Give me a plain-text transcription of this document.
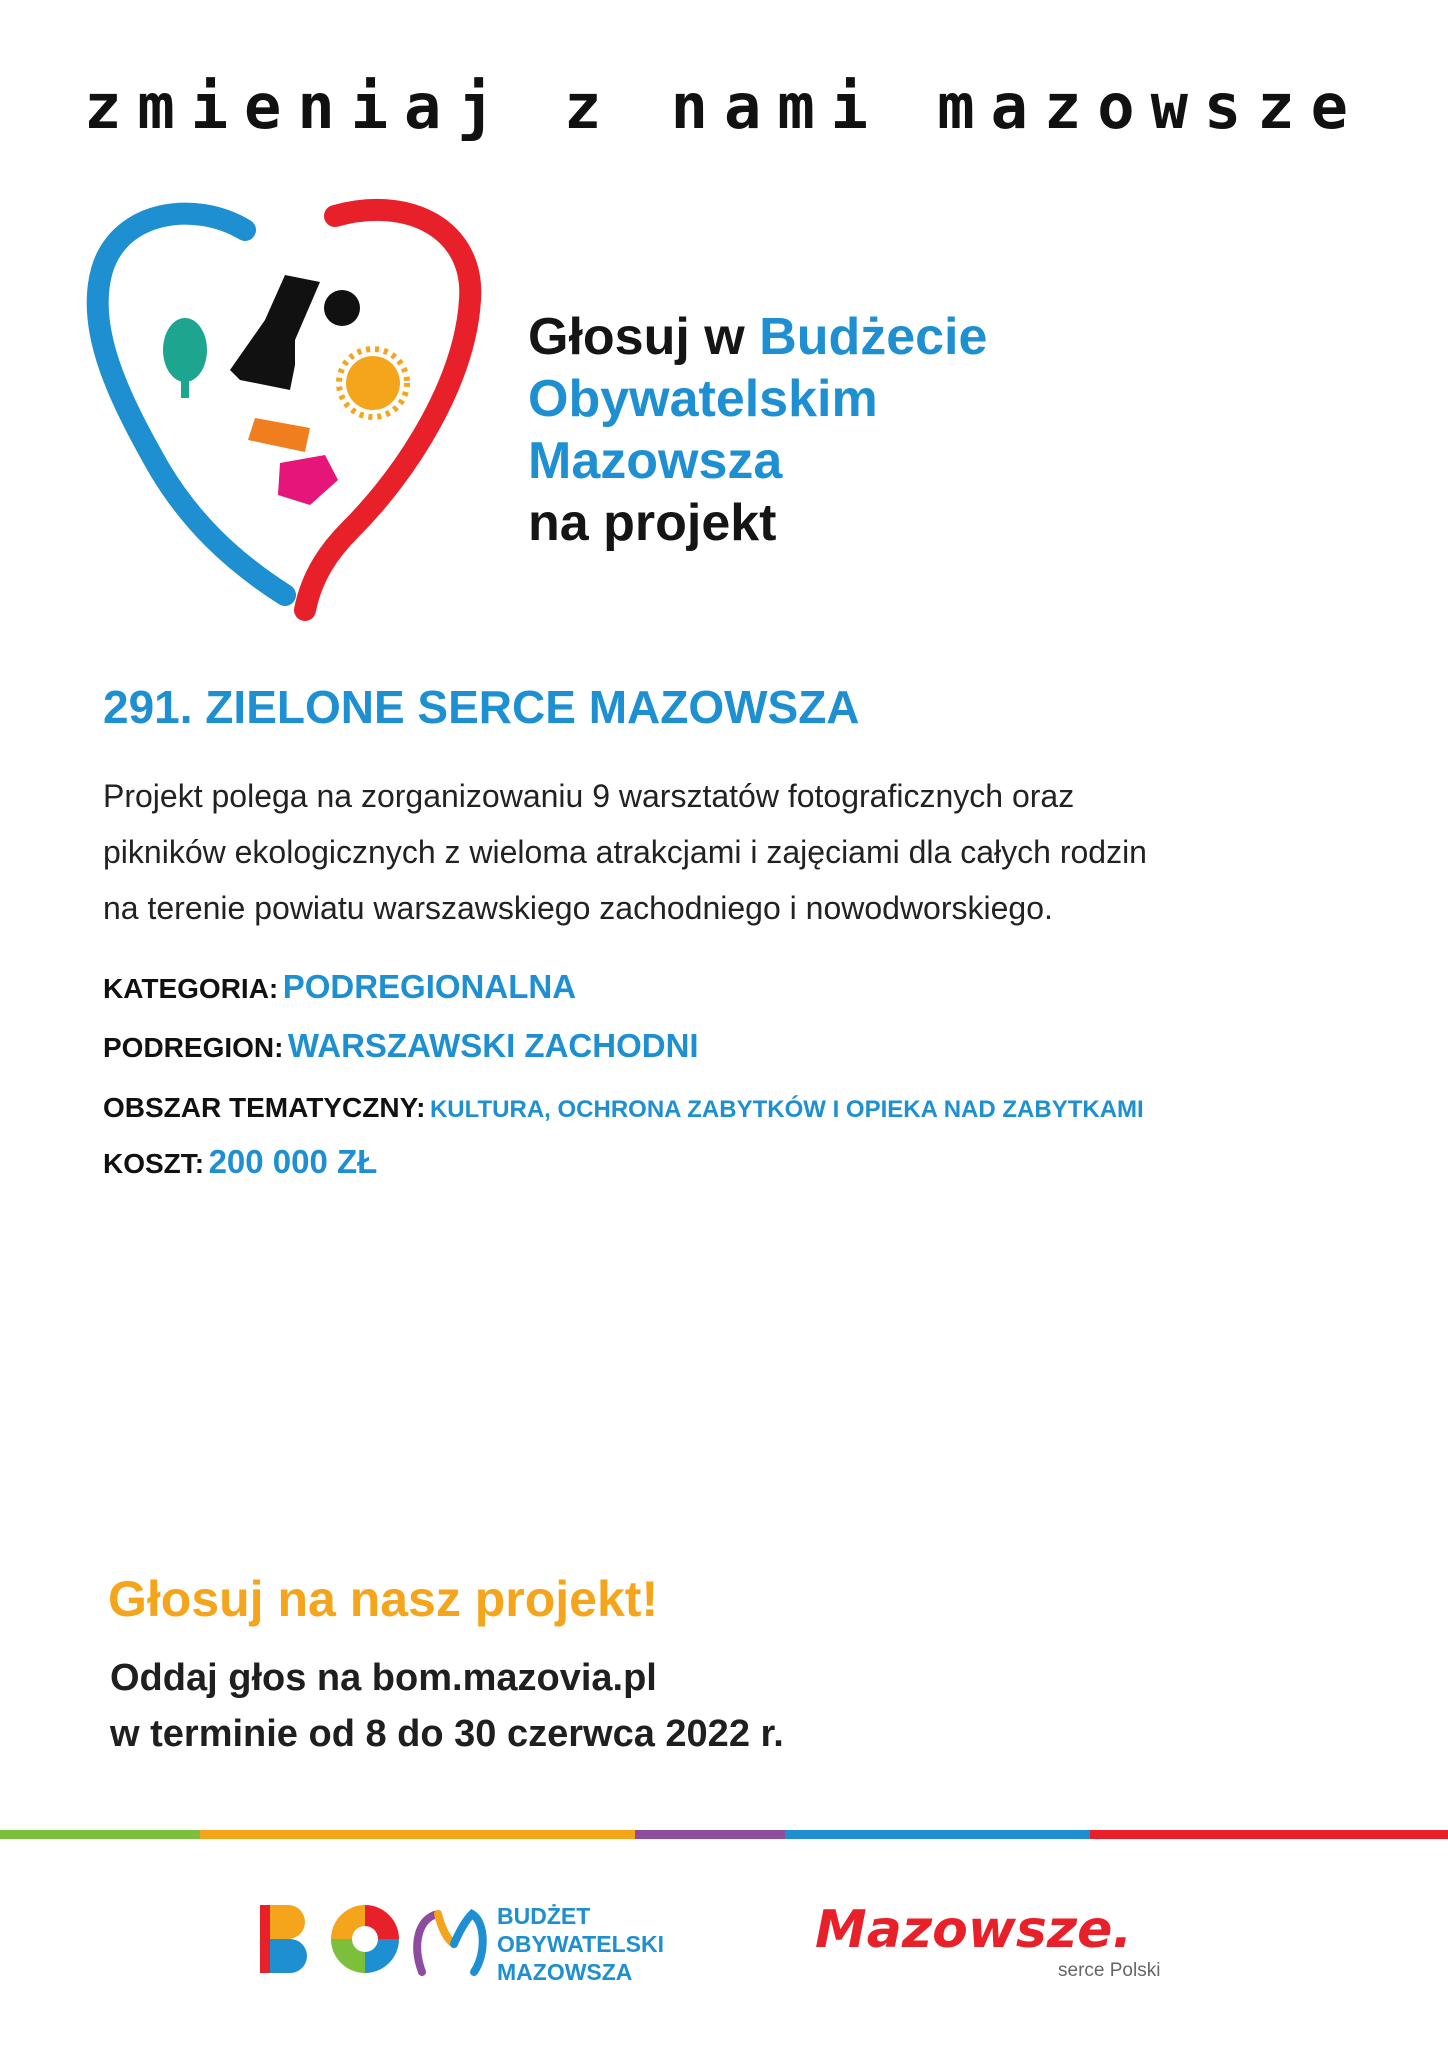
zmieniaj z nami mazowsze
Głosuj w Budżecie
Obywatelskim
Mazowsza
na projekt
291. ZIELONE SERCE MAZOWSZA
Projekt polega na zorganizowaniu 9 warsztatów fotograficznych oraz
pikników ekologicznych z wieloma atrakcjami i zajęciami dla całych rodzin
na terenie powiatu warszawskiego zachodniego i nowodworskiego.
KATEGORIA: PODREGIONALNA
PODREGION: WARSZAWSKI ZACHODNI
OBSZAR TEMATYCZNY: KULTURA, OCHRONA ZABYTKÓW I OPIEKA NAD ZABYTKAMI
KOSZT: 200 000 ZŁ
Głosuj na nasz projekt!
Oddaj głos na bom.mazovia.pl
w terminie od 8 do 30 czerwca 2022 r.
BUDŻET
OBYWATELSKI
MAZOWSZA
Mazowsze.
serce Polski
